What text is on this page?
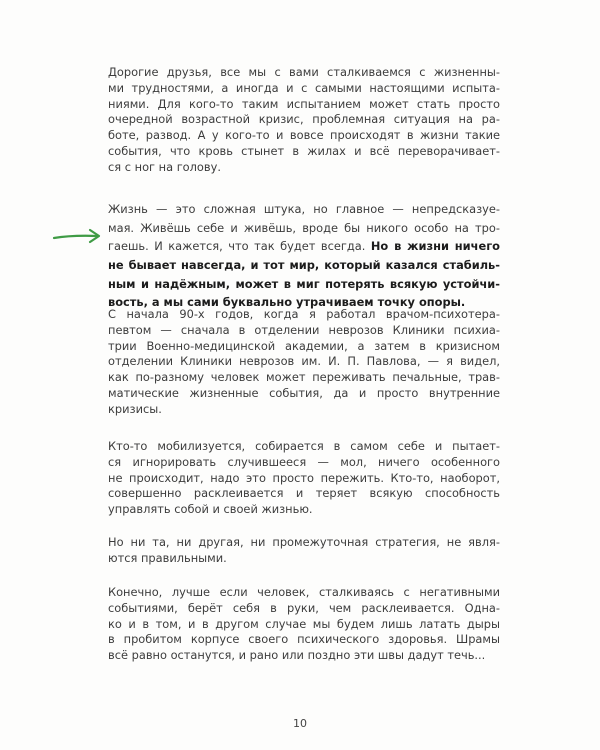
Дорогие друзья, все мы с вами сталкиваемся с жизненны-
ми трудностями, а иногда и с самыми настоящими испыта-
ниями. Для кого-то таким испытанием может стать просто
очередной возрастной кризис, проблемная ситуация на ра-
боте, развод. А у кого-то и вовсе происходят в жизни такие
события, что кровь стынет в жилах и всё переворачивает-
ся с ног на голову.
Жизнь — это сложная штука, но главное — непредсказуе-
мая. Живёшь себе и живёшь, вроде бы никого особо на тро-
гаешь. И кажется, что так будет всегда. Но в жизни ничего
не бывает навсегда, и тот мир, который казался стабиль-
ным и надёжным, может в миг потерять всякую устойчи-
вость, а мы сами буквально утрачиваем точку опоры.
С начала 90-х годов, когда я работал врачом-психотера-
певтом — сначала в отделении неврозов Клиники психиа-
трии Военно-медицинской академии, а затем в кризисном
отделении Клиники неврозов им. И. П. Павлова, — я видел,
как по-разному человек может переживать печальные, трав-
матические жизненные события, да и просто внутренние
кризисы.
Кто-то мобилизуется, собирается в самом себе и пытает-
ся игнорировать случившееся — мол, ничего особенного
не происходит, надо это просто пережить. Кто-то, наоборот,
совершенно расклеивается и теряет всякую способность
управлять собой и своей жизнью.
Но ни та, ни другая, ни промежуточная стратегия, не явля-
ются правильными.
Конечно, лучше если человек, сталкиваясь с негативными
событиями, берёт себя в руки, чем расклеивается. Одна-
ко и в том, и в другом случае мы будем лишь латать дыры
в пробитом корпусе своего психического здоровья. Шрамы
всё равно останутся, и рано или поздно эти швы дадут течь...
10
